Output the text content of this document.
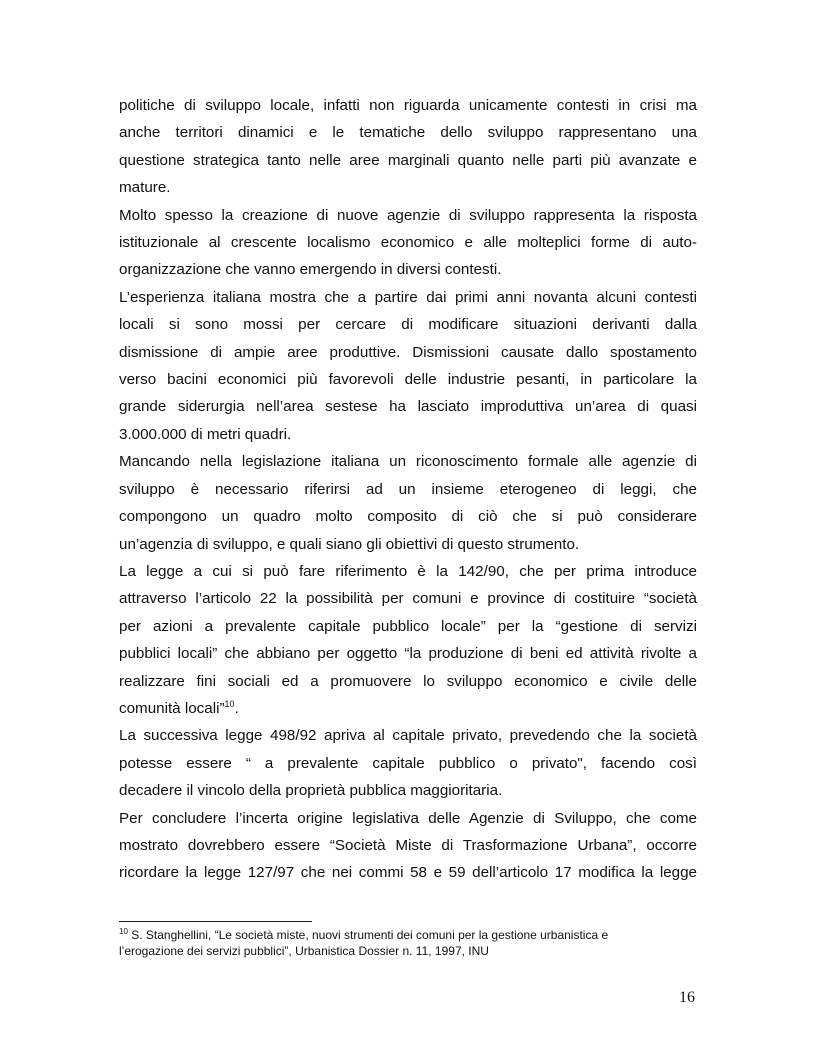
politiche di sviluppo locale, infatti non riguarda unicamente contesti in crisi ma
anche territori dinamici e le tematiche dello sviluppo rappresentano una
questione strategica tanto nelle aree marginali quanto nelle parti più avanzate e
mature.

Molto spesso la creazione di nuove agenzie di sviluppo rappresenta la risposta
istituzionale al crescente localismo economico e alle molteplici forme di auto-
organizzazione che vanno emergendo in diversi contesti.

L’esperienza italiana mostra che a partire dai primi anni novanta alcuni contesti
locali si sono mossi per cercare di modificare situazioni derivanti dalla
dismissione di ampie aree produttive. Dismissioni causate dallo spostamento
verso bacini economici più favorevoli delle industrie pesanti, in particolare la
grande siderurgia nell’area sestese ha lasciato improduttiva un’area di quasi
3.000.000 di metri quadri.

Mancando nella legislazione italiana un riconoscimento formale alle agenzie di
sviluppo è necessario riferirsi ad un insieme eterogeneo di leggi, che
compongono un quadro molto composito di ciò che si può considerare
un’agenzia di sviluppo, e quali siano gli obiettivi di questo strumento.

La legge a cui si può fare riferimento è la 142/90, che per prima introduce
attraverso l’articolo 22 la possibilità per comuni e province di costituire “società
per azioni a prevalente capitale pubblico locale” per la “gestione di servizi
pubblici locali” che abbiano per oggetto “la produzione di beni ed attività rivolte a
realizzare fini sociali ed a promuovere lo sviluppo economico e civile delle
comunità locali”$^{10}$.

La successiva legge 498/92 apriva al capitale privato, prevedendo che la società
potesse essere “ a prevalente capitale pubblico o privato", facendo così
decadere il vincolo della proprietà pubblica maggioritaria.

Per concludere l’incerta origine legislativa delle Agenzie di Sviluppo, che come
mostrato dovrebbero essere “Società Miste di Trasformazione Urbana”, occorre
ricordare la legge 127/97 che nei commi 58 e 59 dell’articolo 17 modifica la legge

$^{10}$ S. Stanghellini, “Le società miste, nuovi strumenti dei comuni per la gestione urbanistica e
l’erogazione dei servizi pubblici”, Urbanistica Dossier n. 11, 1997, INU
16
